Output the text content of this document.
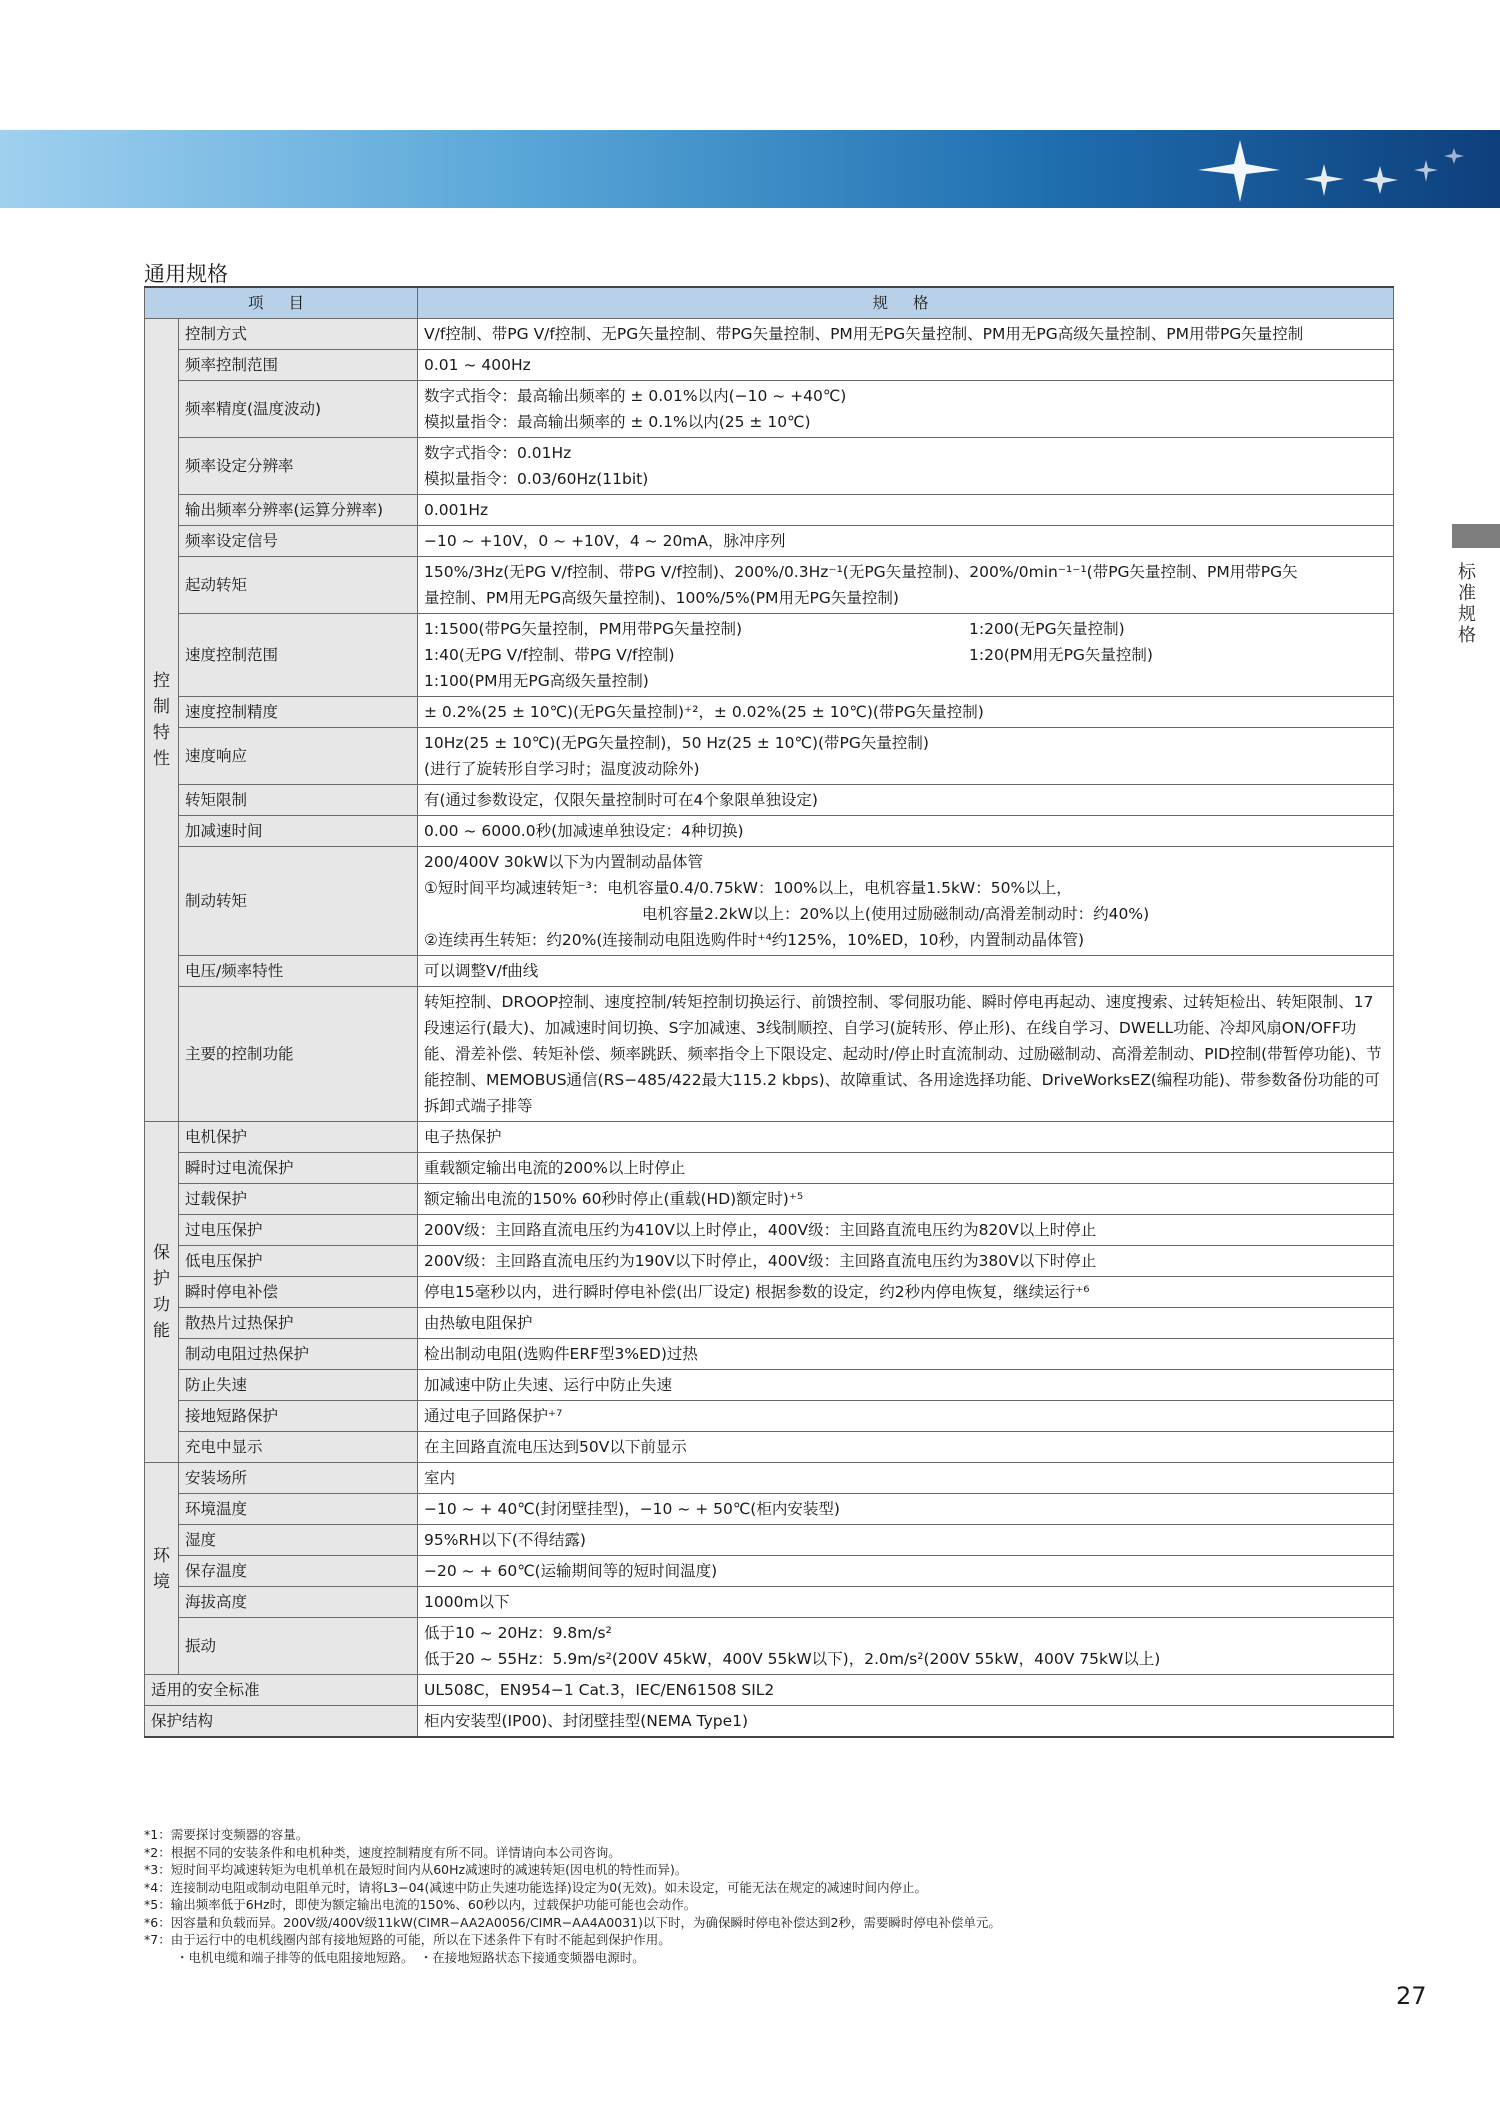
通用规格
项 目		规 格
控制特性	控制方式	V/f控制、带PG V/f控制、无PG矢量控制、带PG矢量控制、PM用无PG矢量控制、PM用无PG高级矢量控制、PM用带PG矢量控制
	频率控制范围	0.01 ~ 400Hz
	频率精度(温度波动)	数字式指令：最高输出频率的 ± 0.01%以内(−10 ~ +40℃)
模拟量指令：最高输出频率的 ± 0.1%以内(25 ± 10℃)

	频率设定分辨率	数字式指令：0.01Hz
模拟量指令：0.03/60Hz(11bit)

	输出频率分辨率(运算分辨率)	0.001Hz
	频率设定信号	−10 ~ +10V，0 ~ +10V，4 ~ 20mA，脉冲序列
	起动转矩	150%/3Hz(无PG V/f控制、带PG V/f控制)、200%/0.3Hz⁻¹(无PG矢量控制)、200%/0min⁻¹⁻¹(带PG矢量控制、PM用带PG矢
量控制、PM用无PG高级矢量控制)、100%/5%(PM用无PG矢量控制)

	速度控制范围	1:1500(带PG矢量控制，PM用带PG矢量控制) 1:200(无PG矢量控制)
1:40(无PG V/f控制、带PG V/f控制) 1:20(PM用无PG矢量控制)
1:100(PM用无PG高级矢量控制)

	速度控制精度	± 0.2%(25 ± 10℃)(无PG矢量控制)⁺²，± 0.02%(25 ± 10℃)(带PG矢量控制)
	速度响应	10Hz(25 ± 10℃)(无PG矢量控制)，50 Hz(25 ± 10℃)(带PG矢量控制)
(进行了旋转形自学习时；温度波动除外)

	转矩限制	有(通过参数设定，仅限矢量控制时可在4个象限单独设定)
	加减速时间	0.00 ~ 6000.0秒(加减速单独设定：4种切换)
	制动转矩	200/400V 30kW以下为内置制动晶体管
①短时间平均减速转矩⁻³：电机容量0.4/0.75kW：100%以上，电机容量1.5kW：50%以上，
电机容量2.2kW以上：20%以上(使用过励磁制动/高滑差制动时：约40%)
②连续再生转矩：约20%(连接制动电阻选购件时⁺⁴约125%，10%ED，10秒，内置制动晶体管)

	电压/频率特性	可以调整V/f曲线
	主要的控制功能	转矩控制、DROOP控制、速度控制/转矩控制切换运行、前馈控制、零伺服功能、瞬时停电再起动、速度搜索、过转矩检出、转矩限制、17段速运行(最大)、加减速时间切换、S字加减速、3线制顺控、自学习(旋转形、停止形)、在线自学习、DWELL功能、冷却风扇ON/OFF功能、滑差补偿、转矩补偿、频率跳跃、频率指令上下限设定、起动时/停止时直流制动、过励磁制动、高滑差制动、PID控制(带暂停功能)、节能控制、MEMOBUS通信(RS−485/422最大115.2 kbps)、故障重试、各用途选择功能、DriveWorksEZ(编程功能)、带参数备份功能的可拆卸式端子排等
保护功能	电机保护	电子热保护
	瞬时过电流保护	重载额定输出电流的200%以上时停止
	过载保护	额定输出电流的150% 60秒时停止(重载(HD)额定时)⁺⁵
	过电压保护	200V级：主回路直流电压约为410V以上时停止，400V级：主回路直流电压约为820V以上时停止
	低电压保护	200V级：主回路直流电压约为190V以下时停止，400V级：主回路直流电压约为380V以下时停止
	瞬时停电补偿	停电15毫秒以内，进行瞬时停电补偿(出厂设定) 根据参数的设定，约2秒内停电恢复，继续运行⁺⁶
	散热片过热保护	由热敏电阻保护
	制动电阻过热保护	检出制动电阻(选购件ERF型3%ED)过热
	防止失速	加减速中防止失速、运行中防止失速
	接地短路保护	通过电子回路保护⁺⁷
	充电中显示	在主回路直流电压达到50V以下前显示
环境	安装场所	室内
	环境温度	−10 ~ + 40℃(封闭壁挂型)，−10 ~ + 50℃(柜内安装型)
	湿度	95%RH以下(不得结露)
	保存温度	−20 ~ + 60℃(运输期间等的短时间温度)
	海拔高度	1000m以下
	振动	低于10 ~ 20Hz：9.8m/s²
低于20 ~ 55Hz：5.9m/s²(200V 45kW，400V 55kW以下)，2.0m/s²(200V 55kW，400V 75kW以上)

适用的安全标准		UL508C，EN954−1 Cat.3，IEC/EN61508 SIL2
保护结构		柜内安装型(IP00)、封闭壁挂型(NEMA Type1)
*1：需要探讨变频器的容量。
*2：根据不同的安装条件和电机种类，速度控制精度有所不同。详情请向本公司咨询。
*3：短时间平均减速转矩为电机单机在最短时间内从60Hz减速时的减速转矩(因电机的特性而异)。
*4：连接制动电阻或制动电阻单元时，请将L3−04(减速中防止失速功能选择)设定为0(无效)。如未设定，可能无法在规定的减速时间内停止。
*5：输出频率低于6Hz时，即使为额定输出电流的150%、60秒以内，过载保护功能可能也会动作。
*6：因容量和负载而异。200V级/400V级11kW(CIMR−AA2A0056/CIMR−AA4A0031)以下时，为确保瞬时停电补偿达到2秒，需要瞬时停电补偿单元。
*7：由于运行中的电机线圈内部有接地短路的可能，所以在下述条件下有时不能起到保护作用。
・电机电缆和端子排等的低电阻接地短路。　・在接地短路状态下接通变频器电源时。
标准规格
27
